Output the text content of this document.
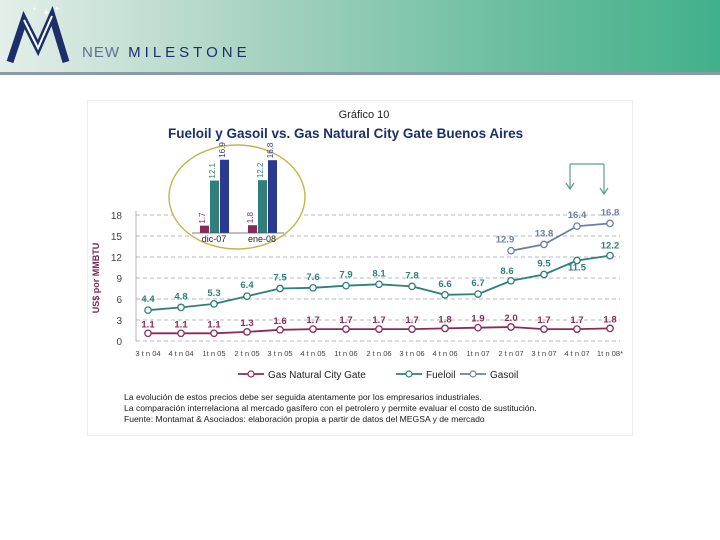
✦ ✦
✦
NEW MILESTONE
Gráfico 10
Fueloil y Gasoil vs. Gas Natural City Gate Buenos Aires
0
3
6
9
12
15
18
US$ por MMBTU
3 t n 04 4 t n 04 1t n 05 2 t n 05 3 t n 05 4 t n 05 1t n 06 2 t n 06 3 t n 06 4 t n 06 1t n 07 2 t n 07 3 t n 07 4 t n 07 1t n 08*
1.1 1.1 1.1 1.3 1.6 1.7 1.7 1.7 1.7 1.8 1.9 2.0 1.7 1.7 1.8
4.4 4.8 5.3
6.4
7.5 7.6 7.9 8.1 7.8
6.6 6.7
8.6
9.5 11.5
12.2
12.9
13.8
16.4 16.8
1.7
12.1
16.9
dic-07
1.8
12.2
16.8
ene-08
Gas Natural City Gate	Fueloil	Gasoil
La evolución de estos precios debe ser seguida atentamente por los empresarios industriales.
La comparación interrelaciona al mercado gasífero con el petrolero y permite evaluar el costo de sustitución.
Fuente: Montamat & Asociados: elaboración propia a partir de datos del MEGSA y de mercado
